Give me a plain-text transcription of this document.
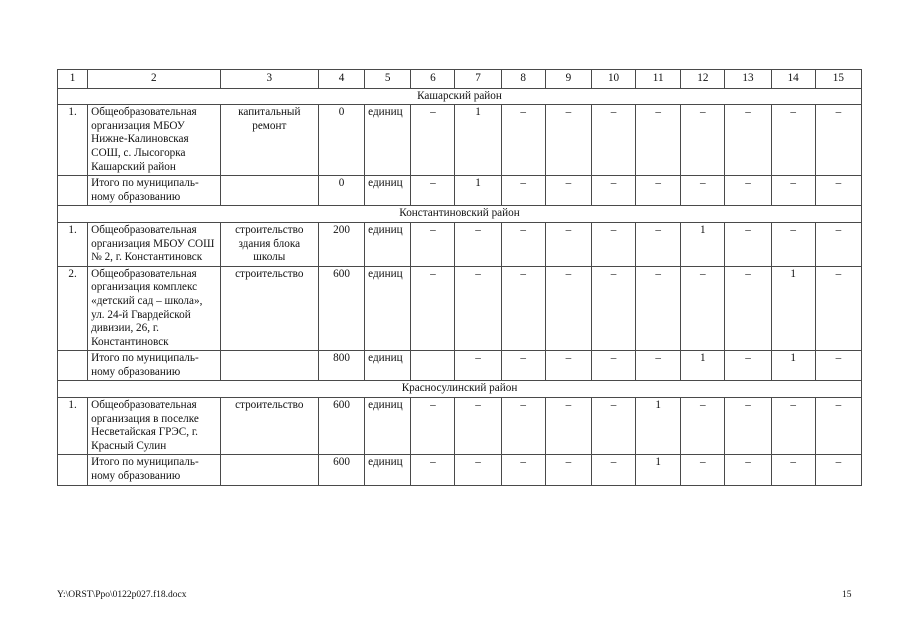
1	2	3	4	5	6	7	8	9	10	11	12	13	14	15
Кашарский район														
1.	Общеобразовательная организация МБОУ Нижне-Калиновская СОШ, с. Лысогорка Кашарский район	капитальный ремонт	0	единиц	–	1	–	–	–	–	–	–	–	–
	Итого по муниципаль-ному образованию		0	единиц	–	1	–	–	–	–	–	–	–	–
Константиновский район														
1.	Общеобразовательная организация МБОУ СОШ № 2, г. Константиновск	строительство здания блока школы	200	единиц	–	–	–	–	–	–	1	–	–	–
2.	Общеобразовательная организация комплекс «детский сад – школа», ул. 24-й Гвардейской дивизии, 26, г. Константиновск	строительство	600	единиц	–	–	–	–	–	–	–	–	1	–
	Итого по муниципаль-ному образованию		800	единиц		–	–	–	–	–	1	–	1	–
Красносулинский район														
1.	Общеобразовательная организация в поселке Несветайская ГРЭС, г. Красный Сулин	строительство	600	единиц	–	–	–	–	–	1	–	–	–	–
	Итого по муниципаль-ному образованию		600	единиц	–	–	–	–	–	1	–	–	–	–
Y:\ORST\Ppo\0122p027.f18.docx	15
